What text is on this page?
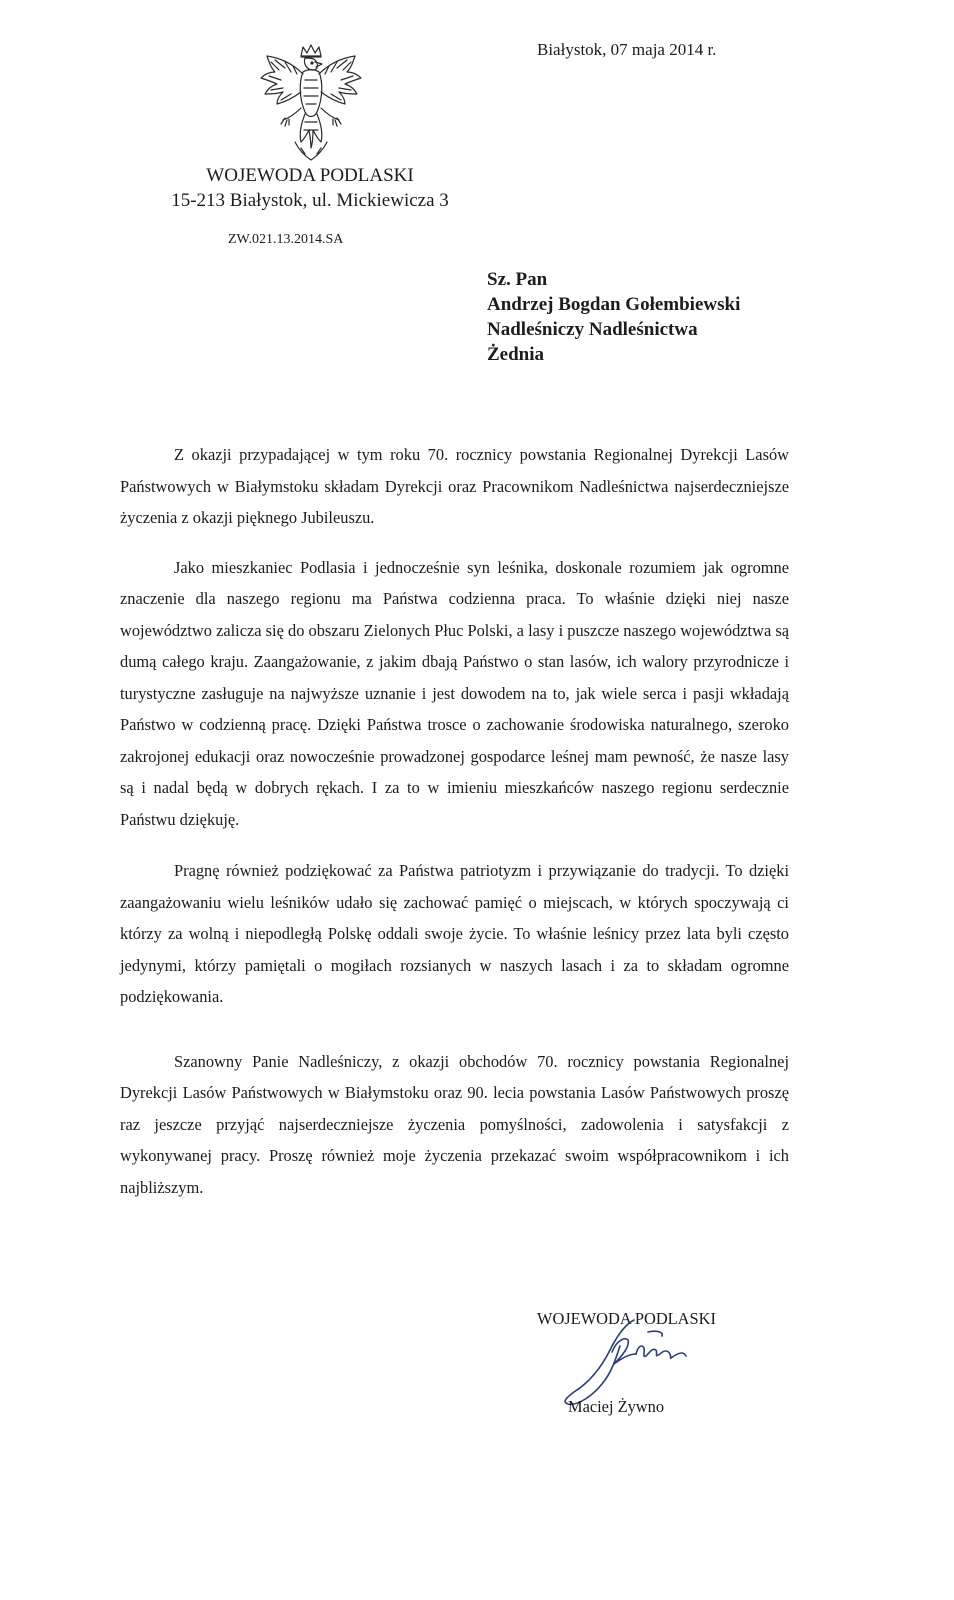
Białystok, 07 maja 2014 r.
WOJEWODA PODLASKI
15-213 Białystok, ul. Mickiewicza 3
ZW.021.13.2014.SA
Sz. Pan
Andrzej Bogdan Gołembiewski
Nadleśniczy Nadleśnictwa
Żednia

Z okazji przypadającej w tym roku 70. rocznicy powstania Regionalnej Dyrekcji Lasów Państwowych w Białymstoku składam Dyrekcji oraz Pracownikom Nadleśnictwa najserdeczniejsze życzenia z okazji pięknego Jubileuszu.

Jako mieszkaniec Podlasia i jednocześnie syn leśnika, doskonale rozumiem jak ogromne znaczenie dla naszego regionu ma Państwa codzienna praca. To właśnie dzięki niej nasze województwo zalicza się do obszaru Zielonych Płuc Polski, a lasy i puszcze naszego województwa są dumą całego kraju. Zaangażowanie, z jakim dbają Państwo o stan lasów, ich walory przyrodnicze i turystyczne zasługuje na najwyższe uznanie i jest dowodem na to, jak wiele serca i pasji wkładają Państwo w codzienną pracę. Dzięki Państwa trosce o zachowanie środowiska naturalnego, szeroko zakrojonej edukacji oraz nowocześnie prowadzonej gospodarce leśnej mam pewność, że nasze lasy są i nadal będą w dobrych rękach. I za to w imieniu mieszkańców naszego regionu serdecznie Państwu dziękuję.

Pragnę również podziękować za Państwa patriotyzm i przywiązanie do tradycji. To dzięki zaangażowaniu wielu leśników udało się zachować pamięć o miejscach, w których spoczywają ci którzy za wolną i niepodległą Polskę oddali swoje życie. To właśnie leśnicy przez lata byli często jedynymi, którzy pamiętali o mogiłach rozsianych w naszych lasach i za to składam ogromne podziękowania.

Szanowny Panie Nadleśniczy, z okazji obchodów 70. rocznicy powstania Regionalnej Dyrekcji Lasów Państwowych w Białymstoku oraz 90. lecia powstania Lasów Państwowych proszę raz jeszcze przyjąć najserdeczniejsze życzenia pomyślności, zadowolenia i satysfakcji z wykonywanej pracy. Proszę również moje życzenia przekazać swoim współpracownikom i ich najbliższym.

WOJEWODA PODLASKI
Maciej Żywno
